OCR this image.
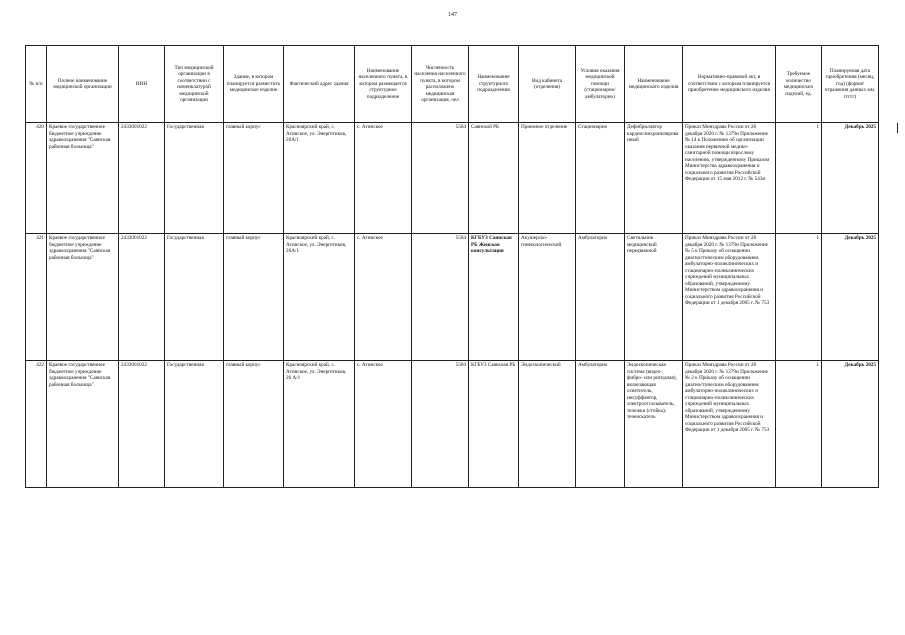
147
№ п/п	Полное наименование медицинской организации	ИНН	Тип медицинской организации в соответствии с номенклатурой медицинской организации	Здание, в котором планируется разместить медицинское изделие	Фактический адрес здания	Наименование населенного пункта, в котором размещается структурное подразделение	Численность населения населенного пункта, в котором расположено медицинская организация, чел	Наименование структурного подразделения	Вид кабинета (отделения)	Условия оказания медицинской помощи (стационарно/амбулаторно)	Наименование медицинского изделия	Нормативно-правовой акт, в соответствии с которым планируется приобретение медицинского изделия	Требуемое количество медицинских изделий, ед.	Планируемая дата приобретения (месяц, год) (формат отражения данных мм. ггггг)
420	Краевое государственное бюджетное учреждение здравоохранения "Саянская районная больница"	2433001022	Государственная	главный корпус	Красноярский край, с. Агинское, ул. Энергетиков, 26А/1	с. Агинское	5584	Саянской РБ	Приемное отделение	Стационарно	Дефибриллятор кардиосинхронизированный	Приказ Минздрава России от 28 декабря 2020 г. № 1379н Приложение № 14 к Положению об организации оказания первичной медико-санитарной помощи взрослому населению, утвержденному Приказом Министерства здравоохранения и социального развития Российской Федерации от 15 мая 2012 г. № 543н	1	Декабрь 2025
421	Краевое государственное бюджетное учреждение здравоохранения "Саянская районная больница"	2433001022	Государственная	главный корпус	Красноярский край, с. Агинское, ул. Энергетиков, 26А/1	с. Агинское	5584	КГБУЗ Саянская РБ Женская консультация	Акушерско-гинекологический	Амбулаторно	Светильник медицинский передвижной	Приказ Минздрава России от 28 декабря 2020 г. № 1379н Приложение № 5 к Приказу об оснащении диагностическим оборудованием амбулаторно-поликлинических и стационарно-поликлинических учреждений муниципальных образований, утвержденному Министерством здравоохранения и социального развития Российской Федерации от 1 декабря 2005 г. № 753	1	Декабрь 2025
422	Краевое государственное бюджетное учреждение здравоохранения "Саянская районная больница"	2433001022	Государственная	главный корпус	Красноярский край, с. Агинское, ул. Энергетиков, 26 А/1	с. Агинское	5584	КГБУЗ Саянская РБ	Эндоскопический	Амбулаторно	Эндоскопическая система (видео-, фибро- или ригидная), включающая осветитель, инсуффлятор, электроотсасыватель, тележки (стойка); течеискатель	Приказ Минздрава России от 28 декабря 2020 г. № 1379н Приложение № 2 к Приказу об оснащении диагностическим оборудованием амбулаторно-поликлинических и стационарно-поликлинических учреждений муниципальных образований, утвержденному Министерством здравоохранения и социального развития Российской Федерации от 1 декабря 2005 г. № 753	1	Декабрь 2025
